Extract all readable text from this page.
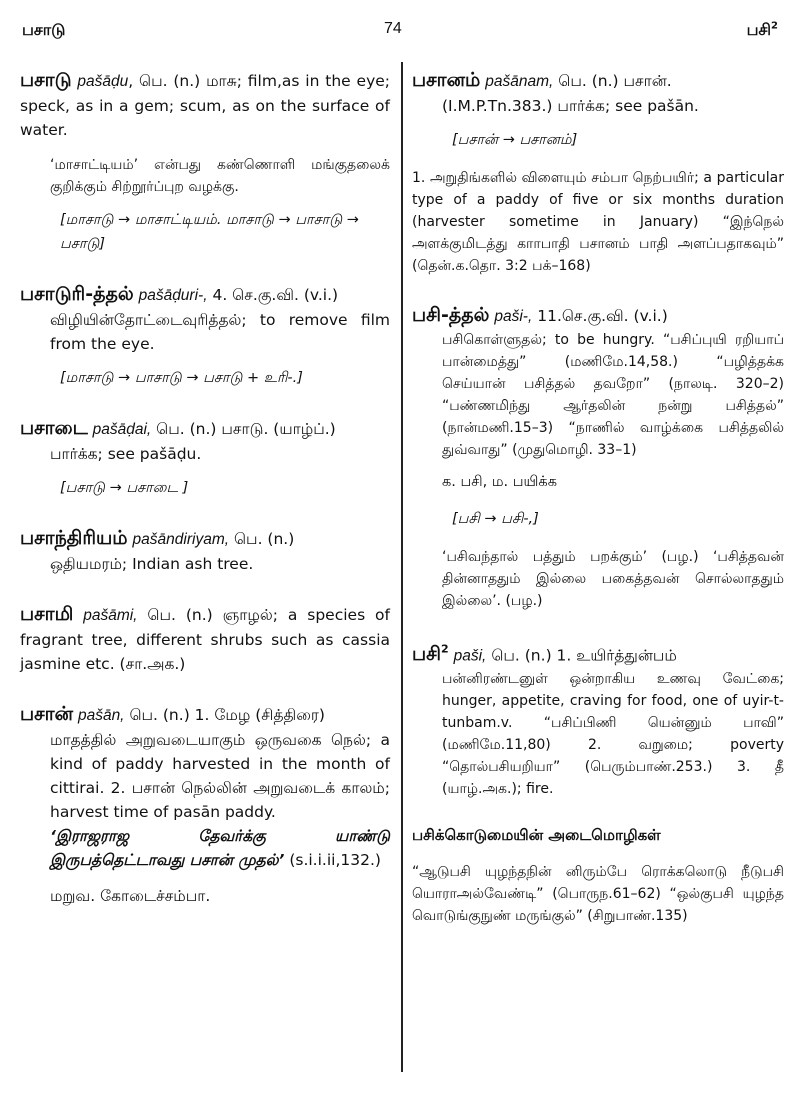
பசாடு	74	பசி$^2$

பசாடு pašāḍu, பெ. (n.) மாசு; film,as in the eye; speck, as in a gem; scum, as on the surface of water.

‘மாசாட்டியம்’ என்பது கண்ணொளி மங்குதலைக் குறிக்கும் சிற்றூர்ப்புற வழக்கு.

[மாசாடு → மாசாட்டியம். மாசாடு → பாசாடு → பசாடு]

பசாடுரி-த்தல் pašāḍuri-, 4. செ.கு.வி. (v.i.)

விழியின்தோட்டைவுரித்தல்; to remove film from the eye.

[மாசாடு → பாசாடு → பசாடு + உரி-.]

பசாடை pašāḍai, பெ. (n.) பசாடு. (யாழ்ப்.)

பார்க்க; see pašāḍu.

[பசாடு → பசாடை ]

பசாந்திரியம் pašāndiriyam, பெ. (n.)

ஒதியமரம்; Indian ash tree.

பசாமி pašāmi, பெ. (n.) ஞாழல்; a species of fragrant tree, different shrubs such as cassia jasmine etc. (சா.அக.)

பசான் pašān, பெ. (n.) 1. மேழ (சித்திரை)

மாதத்தில் அறுவடையாகும் ஒருவகை நெல்; a kind of paddy harvested in the month of cittirai. 2. பசான் நெல்லின் அறுவடைக் காலம்; harvest time of pasān paddy.

‘இராஜராஜ தேவர்க்கு யாண்டு இருபத்தெட்டாவது பசான் முதல்’ (s.i.i.ii,132.)

மறுவ. கோடைச்சம்பா.

பசானம் pašānam, பெ. (n.) பசான்.

(I.M.P.Tn.383.) பார்க்க; see pašān.

[பசான் → பசானம்]

1. அறுதிங்களில் விளையும் சம்பா நெற்பயிர்; a particular type of a paddy of five or six months duration (harvester sometime in January) “இந்நெல் அளக்குமிடத்து காாபாதி பசானம் பாதி அளப்பதாகவும்” (தென்.க.தொ. 3:2 பக்–168)

பசி-த்தல் paši-, 11.செ.கு.வி. (v.i.)

பசிகொள்ளுதல்; to be hungry. “பசிப்புயி ரறியாப் பான்மைத்து” (மணிமே.14,58.) “பழித்தக்க செய்யான் பசித்தல் தவறோ” (நாலடி. 320–2) “பண்ணமிந்து ஆர்தலின் நன்று பசித்தல்” (நான்மணி.15–3) “நாணில் வாழ்க்கை பசித்தலில் துவ்வாது” (முதுமொழி. 33–1)

க. பசி, ம. பயிக்க

[பசி → பசி-,]

‘பசிவந்தால் பத்தும் பறக்கும்’ (பழ.) ‘பசித்தவன் தின்னாததும் இல்லை பகைத்தவன் சொல்லாததும் இல்லை’. (பழ.)

பசி$^2$ paši, பெ. (n.) 1. உயிர்த்துன்பம்

பன்னிரண்டனுள் ஒன்றாகிய உணவு வேட்கை; hunger, appetite, craving for food, one of uyir-t-tunbam.v. “பசிப்பிணி யென்னும் பாவி” (மணிமே.11,80) 2. வறுமை; poverty “தொல்பசியறியா” (பெரும்பாண்.253.) 3. தீ (யாழ்.அக.); fire.

பசிக்கொடுமையின் அடைமொழிகள்

“ஆடுபசி யுழந்தநின் னிரும்பே ரொக்கலொடு நீடுபசி யொராஅல்வேண்டி” (பொருந.61–62) “ஒல்குபசி யுழந்த வொடுங்குநுண் மருங்குல்” (சிறுபாண்.135)
